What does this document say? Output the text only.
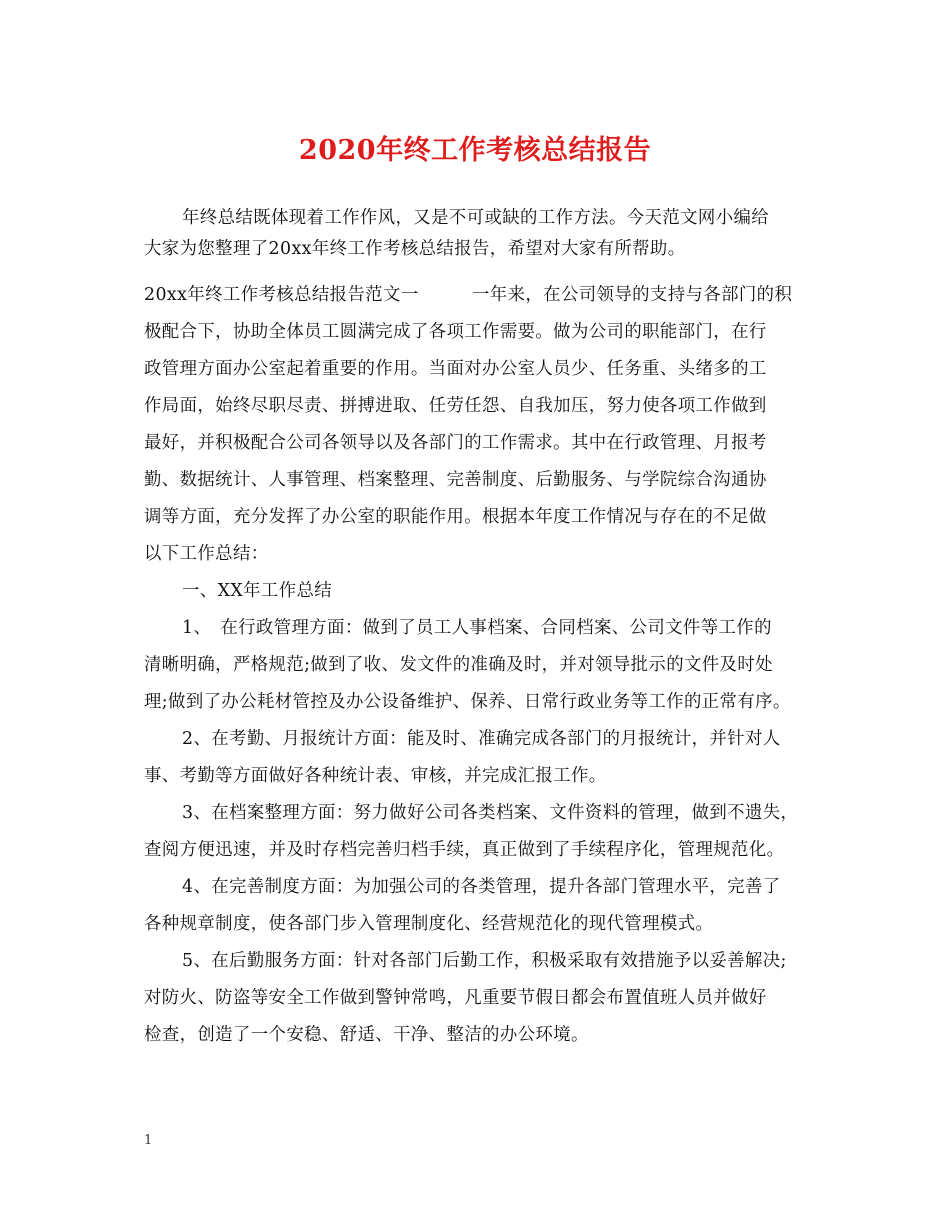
2020年终工作考核总结报告
年终总结既体现着工作作风，又是不可或缺的工作方法。今天范文网小编给
大家为您整理了20xx年终工作考核总结报告，希望对大家有所帮助。
20xx年终工作考核总结报告范文一　　　一年来，在公司领导的支持与各部门的积
极配合下，协助全体员工圆满完成了各项工作需要。做为公司的职能部门，在行
政管理方面办公室起着重要的作用。当面对办公室人员少、任务重、头绪多的工
作局面，始终尽职尽责、拼搏进取、任劳任怨、自我加压，努力使各项工作做到
最好，并积极配合公司各领导以及各部门的工作需求。其中在行政管理、月报考
勤、数据统计、人事管理、档案整理、完善制度、后勤服务、与学院综合沟通协
调等方面，充分发挥了办公室的职能作用。根据本年度工作情况与存在的不足做
以下工作总结：
一、XX年工作总结
1、　在行政管理方面：做到了员工人事档案、合同档案、公司文件等工作的
清晰明确，严格规范;做到了收、发文件的准确及时，并对领导批示的文件及时处
理;做到了办公耗材管控及办公设备维护、保养、日常行政业务等工作的正常有序。
2、在考勤、月报统计方面：能及时、准确完成各部门的月报统计，并针对人
事、考勤等方面做好各种统计表、审核，并完成汇报工作。
3、在档案整理方面：努力做好公司各类档案、文件资料的管理，做到不遗失，
查阅方便迅速，并及时存档完善归档手续，真正做到了手续程序化，管理规范化。
4、在完善制度方面：为加强公司的各类管理，提升各部门管理水平，完善了
各种规章制度，使各部门步入管理制度化、经营规范化的现代管理模式。
5、在后勤服务方面：针对各部门后勤工作，积极采取有效措施予以妥善解决;
对防火、防盗等安全工作做到警钟常鸣，凡重要节假日都会布置值班人员并做好
检查，创造了一个安稳、舒适、干净、整洁的办公环境。
1
